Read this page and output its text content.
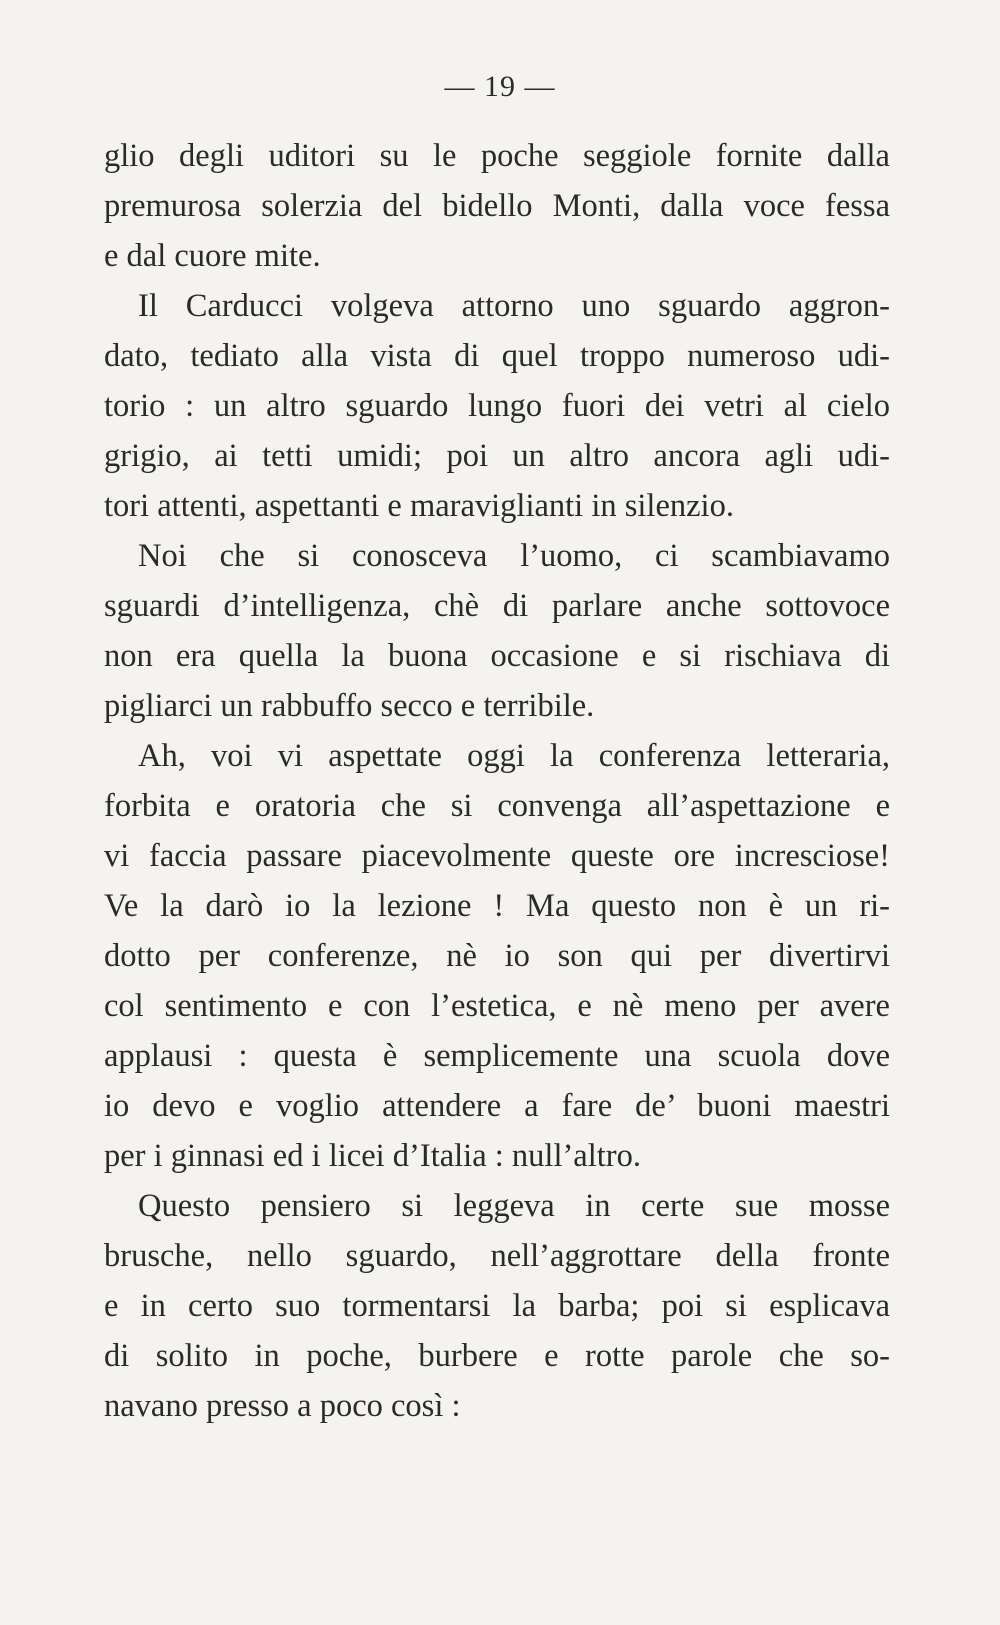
— 19 —
glio degli uditori su le poche seggiole fornite dalla
premurosa solerzia del bidello Monti, dalla voce fessa
e dal cuore mite.
Il Carducci volgeva attorno uno sguardo aggron-
dato, tediato alla vista di quel troppo numeroso udi-
torio : un altro sguardo lungo fuori dei vetri al cielo
grigio, ai tetti umidi; poi un altro ancora agli udi-
tori attenti, aspettanti e maraviglianti in silenzio.
Noi che si conosceva l’uomo, ci scambiavamo
sguardi d’intelligenza, chè di parlare anche sottovoce
non era quella la buona occasione e si rischiava di
pigliarci un rabbuffo secco e terribile.
Ah, voi vi aspettate oggi la conferenza letteraria,
forbita e oratoria che si convenga all’aspettazione e
vi faccia passare piacevolmente queste ore incresciose!
Ve la darò io la lezione ! Ma questo non è un ri-
dotto per conferenze, nè io son qui per divertirvi
col sentimento e con l’estetica, e nè meno per avere
applausi : questa è semplicemente una scuola dove
io devo e voglio attendere a fare de’ buoni maestri
per i ginnasi ed i licei d’Italia : null’altro.
Questo pensiero si leggeva in certe sue mosse
brusche, nello sguardo, nell’aggrottare della fronte
e in certo suo tormentarsi la barba; poi si esplicava
di solito in poche, burbere e rotte parole che so-
navano presso a poco così :
